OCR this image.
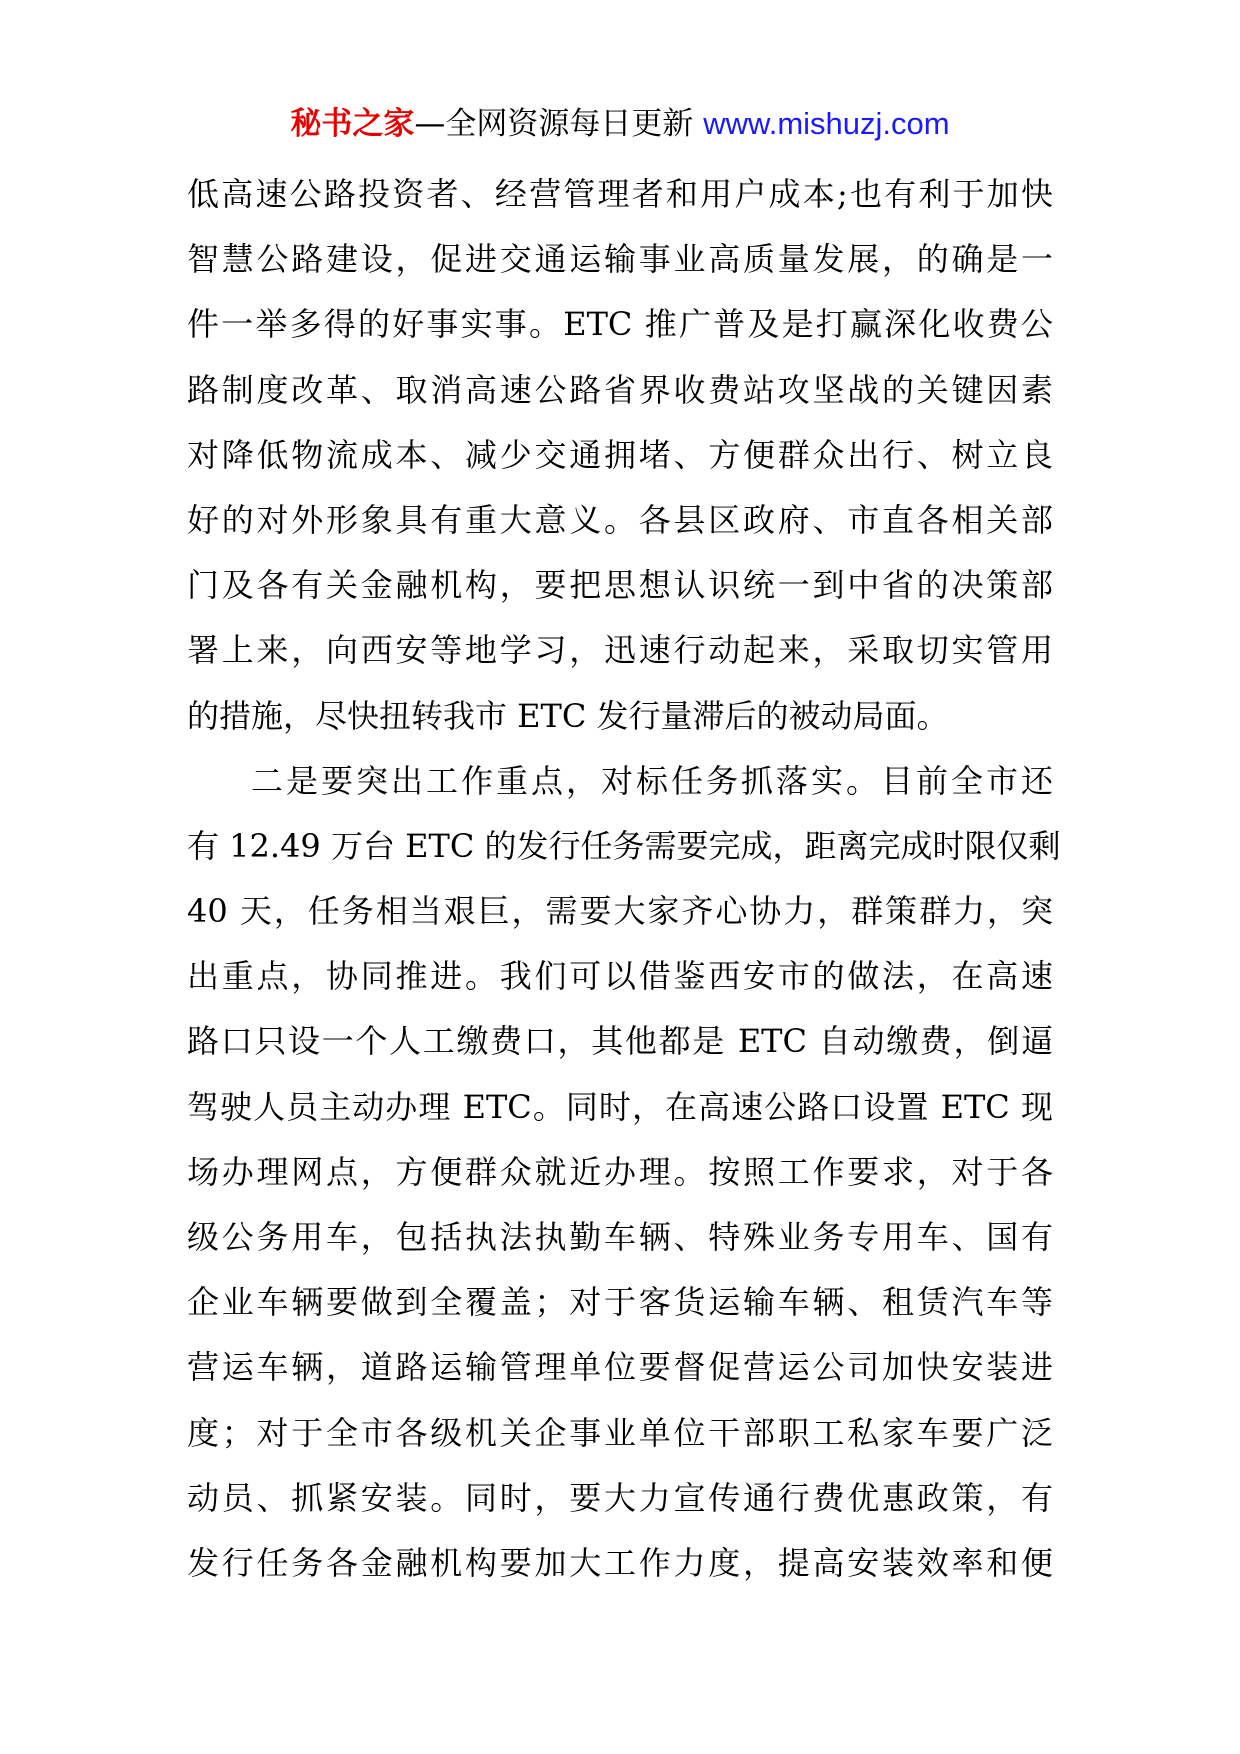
秘书之家—全网资源每日更新 www.mishuzj.com
低高速公路投资者、经营管理者和用户成本;也有利于加快
智慧公路建设，促进交通运输事业高质量发展，的确是一
件一举多得的好事实事。ETC 推广普及是打赢深化收费公
路制度改革、取消高速公路省界收费站攻坚战的关键因素
对降低物流成本、减少交通拥堵、方便群众出行、树立良
好的对外形象具有重大意义。各县区政府、市直各相关部
门及各有关金融机构，要把思想认识统一到中省的决策部
署上来，向西安等地学习，迅速行动起来，采取切实管用
的措施，尽快扭转我市 ETC 发行量滞后的被动局面。
二是要突出工作重点，对标任务抓落实。目前全市还
有 12.49 万台 ETC 的发行任务需要完成，距离完成时限仅剩
40 天，任务相当艰巨，需要大家齐心协力，群策群力，突
出重点，协同推进。我们可以借鉴西安市的做法，在高速
路口只设一个人工缴费口，其他都是 ETC 自动缴费，倒逼
驾驶人员主动办理 ETC。同时，在高速公路口设置 ETC 现
场办理网点，方便群众就近办理。按照工作要求，对于各
级公务用车，包括执法执勤车辆、特殊业务专用车、国有
企业车辆要做到全覆盖；对于客货运输车辆、租赁汽车等
营运车辆，道路运输管理单位要督促营运公司加快安装进
度；对于全市各级机关企事业单位干部职工私家车要广泛
动员、抓紧安装。同时，要大力宣传通行费优惠政策，有
发行任务各金融机构要加大工作力度，提高安装效率和便
